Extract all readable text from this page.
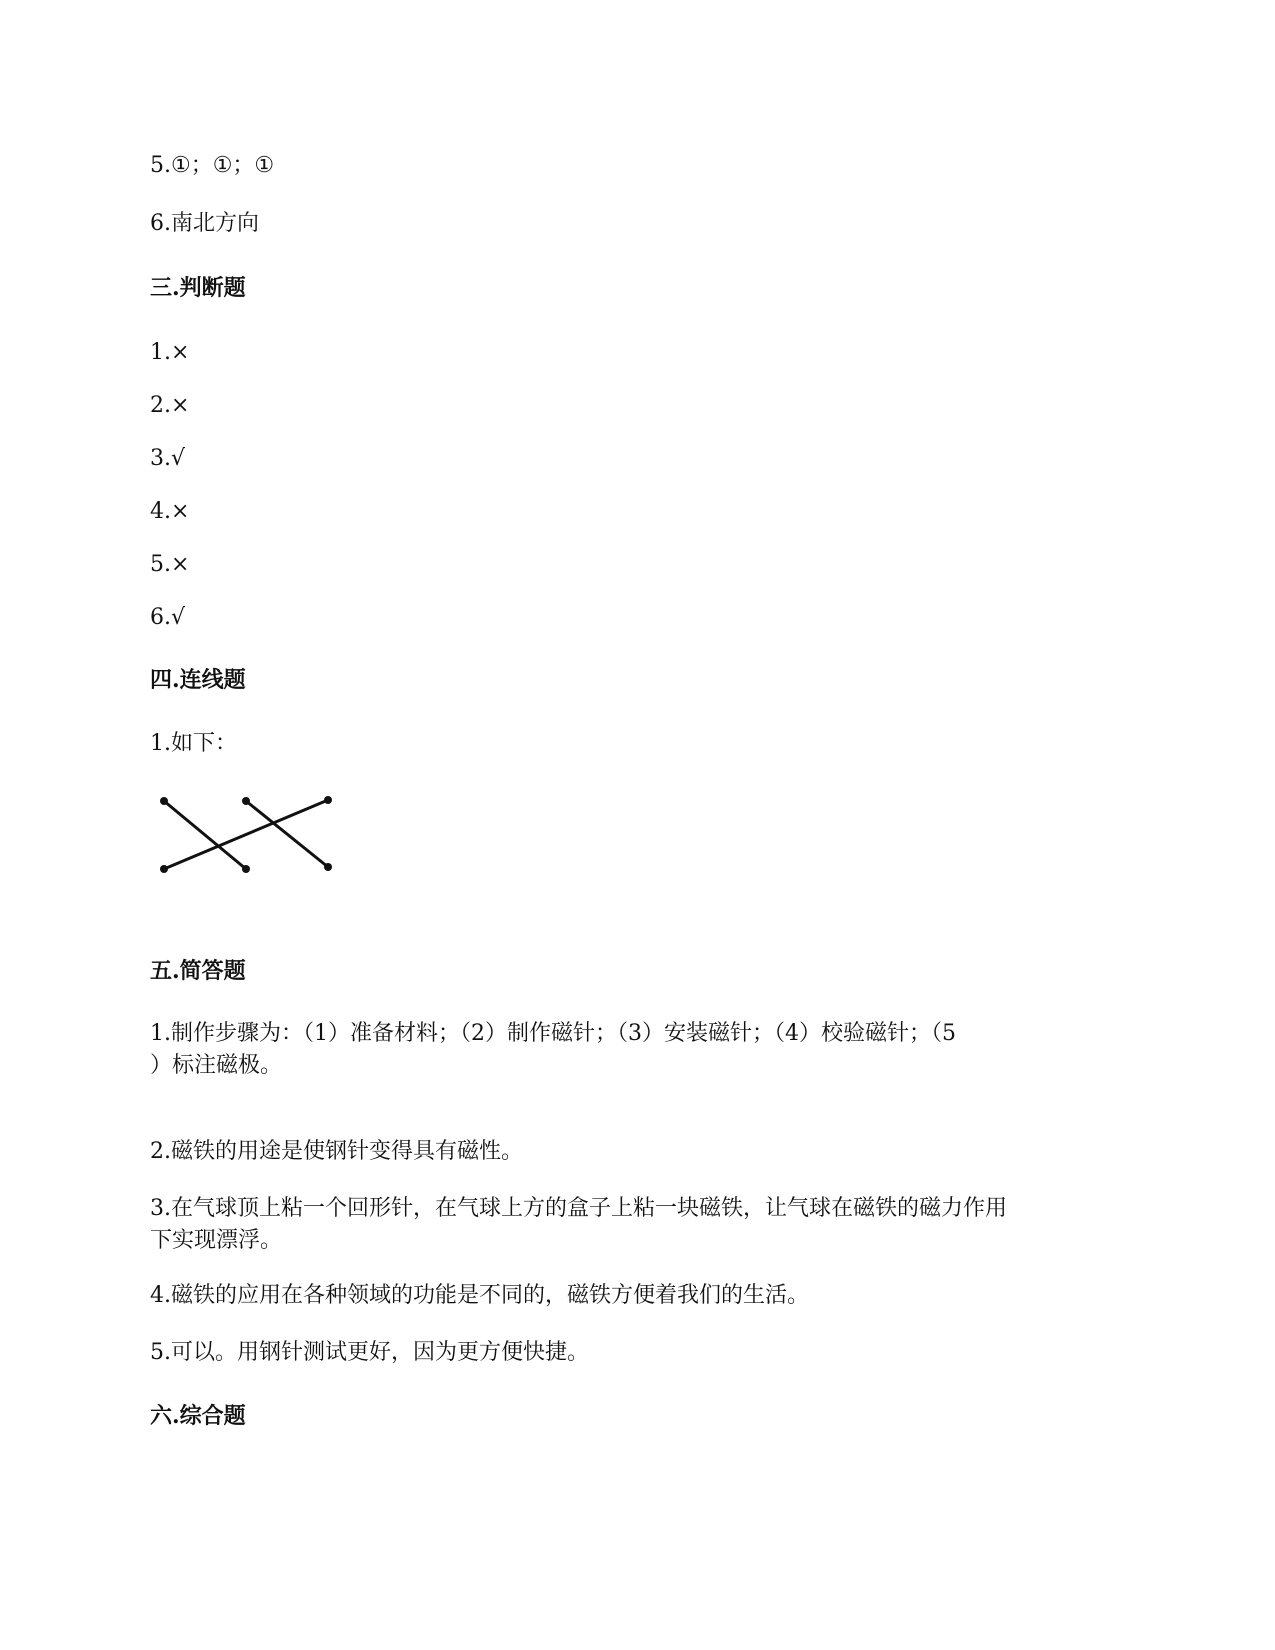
5.①；①；①
6.南北方向
三.判断题
1.×
2.×
3.√
4.×
5.×
6.√
四.连线题
1.如下：
五.简答题
1.制作步骤为：（1）准备材料；（2）制作磁针；（3）安装磁针；（4）校验磁针；（5
）标注磁极。
2.磁铁的用途是使钢针变得具有磁性。
3.在气球顶上粘一个回形针，在气球上方的盒子上粘一块磁铁，让气球在磁铁的磁力作用
下实现漂浮。
4.磁铁的应用在各种领域的功能是不同的，磁铁方便着我们的生活。
5.可以。用钢针测试更好，因为更方便快捷。
六.综合题
